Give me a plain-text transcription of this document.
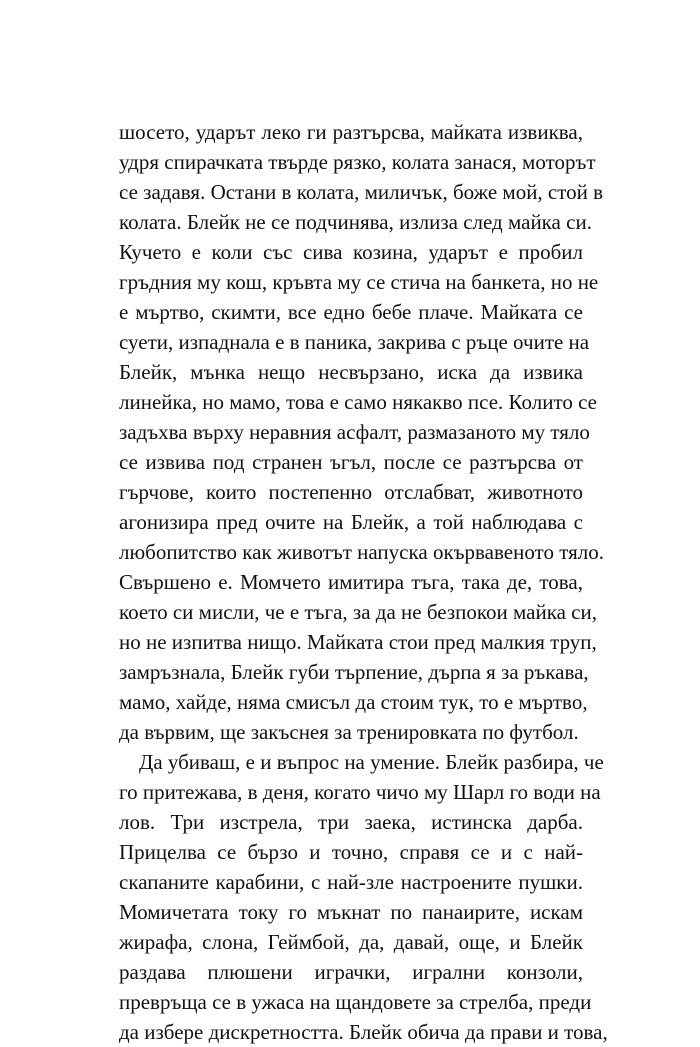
шосето, ударът леко ги разтърсва, майката извиква,
удря спирачката твърде рязко, колата занася, моторът
се задавя. Остани в колата, миличък, боже мой, стой в
колата. Блейк не се подчинява, излиза след майка си.
Кучето е коли със сива козина, ударът е пробил
гръдния му кош, кръвта му се стича на банкета, но не
е мъртво, скимти, все едно бебе плаче. Майката се
суети, изпаднала е в паника, закрива с ръце очите на
Блейк, мънка нещо несвързано, иска да извика
линейка, но мамо, това е само някакво псе. Колито се
задъхва върху неравния асфалт, размазаното му тяло
се извива под странен ъгъл, после се разтърсва от
гърчове, които постепенно отслабват, животното
агонизира пред очите на Блейк, а той наблюдава с
любопитство как животът напуска окървавеното тяло.
Свършено е. Момчето имитира тъга, така де, това,
което си мисли, че е тъга, за да не безпокои майка си,
но не изпитва нищо. Майката стои пред малкия труп,
замръзнала, Блейк губи търпение, дърпа я за ръкава,
мамо, хайде, няма смисъл да стоим тук, то е мъртво,
да вървим, ще закъснея за тренировката по футбол.
Да убиваш, е и въпрос на умение. Блейк разбира, че
го притежава, в деня, когато чичо му Шарл го води на
лов. Три изстрела, три заека, истинска дарба.
Прицелва се бързо и точно, справя се и с най-
скапаните карабини, с най-зле настроените пушки.
Момичетата току го мъкнат по панаирите, искам
жирафа, слона, Геймбой, да, давай, още, и Блейк
раздава плюшени играчки, игрални конзоли,
превръща се в ужаса на щандовете за стрелба, преди
да избере дискретността. Блейк обича да прави и това,
